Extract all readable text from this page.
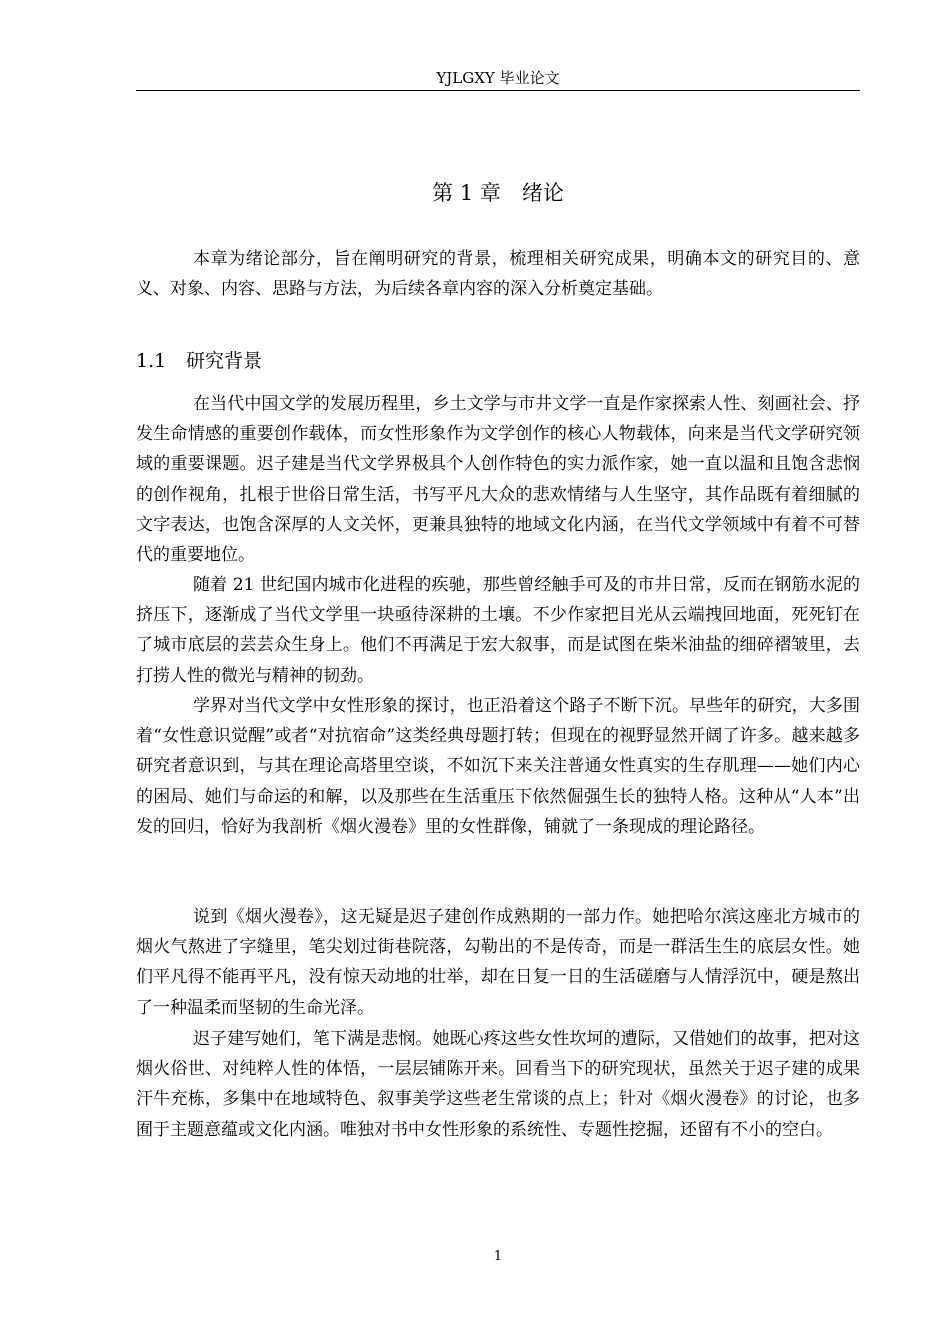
YJLGXY 毕业论文
第 1 章　绪论

本章为绪论部分，旨在阐明研究的背景，梳理相关研究成果，明确本文的研究目的、意义、对象、内容、思路与方法，为后续各章内容的深入分析奠定基础。

1.1 研究背景

在当代中国文学的发展历程里，乡土文学与市井文学一直是作家探索人性、刻画社会、抒发生命情感的重要创作载体，而女性形象作为文学创作的核心人物载体，向来是当代文学研究领域的重要课题。迟子建是当代文学界极具个人创作特色的实力派作家，她一直以温和且饱含悲悯的创作视角，扎根于世俗日常生活，书写平凡大众的悲欢情绪与人生坚守，其作品既有着细腻的文字表达，也饱含深厚的人文关怀，更兼具独特的地域文化内涵，在当代文学领域中有着不可替代的重要地位。

随着 21 世纪国内城市化进程的疾驰，那些曾经触手可及的市井日常，反而在钢筋水泥的挤压下，逐渐成了当代文学里一块亟待深耕的土壤。不少作家把目光从云端拽回地面，死死钉在了城市底层的芸芸众生身上。他们不再满足于宏大叙事，而是试图在柴米油盐的细碎褶皱里，去打捞人性的微光与精神的韧劲。

学界对当代文学中女性形象的探讨，也正沿着这个路子不断下沉。早些年的研究，大多围着“女性意识觉醒”或者“对抗宿命”这类经典母题打转；但现在的视野显然开阔了许多。越来越多研究者意识到，与其在理论高塔里空谈，不如沉下来关注普通女性真实的生存肌理——她们内心的困局、她们与命运的和解，以及那些在生活重压下依然倔强生长的独特人格。这种从“人本”出发的回归，恰好为我剖析《烟火漫卷》里的女性群像，铺就了一条现成的理论路径。

说到《烟火漫卷》，这无疑是迟子建创作成熟期的一部力作。她把哈尔滨这座北方城市的烟火气熬进了字缝里，笔尖划过街巷院落，勾勒出的不是传奇，而是一群活生生的底层女性。她们平凡得不能再平凡，没有惊天动地的壮举，却在日复一日的生活磋磨与人情浮沉中，硬是熬出了一种温柔而坚韧的生命光泽。

迟子建写她们，笔下满是悲悯。她既心疼这些女性坎坷的遭际，又借她们的故事，把对这烟火俗世、对纯粹人性的体悟，一层层铺陈开来。回看当下的研究现状，虽然关于迟子建的成果汗牛充栋，多集中在地域特色、叙事美学这些老生常谈的点上；针对《烟火漫卷》的讨论，也多囿于主题意蕴或文化内涵。唯独对书中女性形象的系统性、专题性挖掘，还留有不小的空白。

1
